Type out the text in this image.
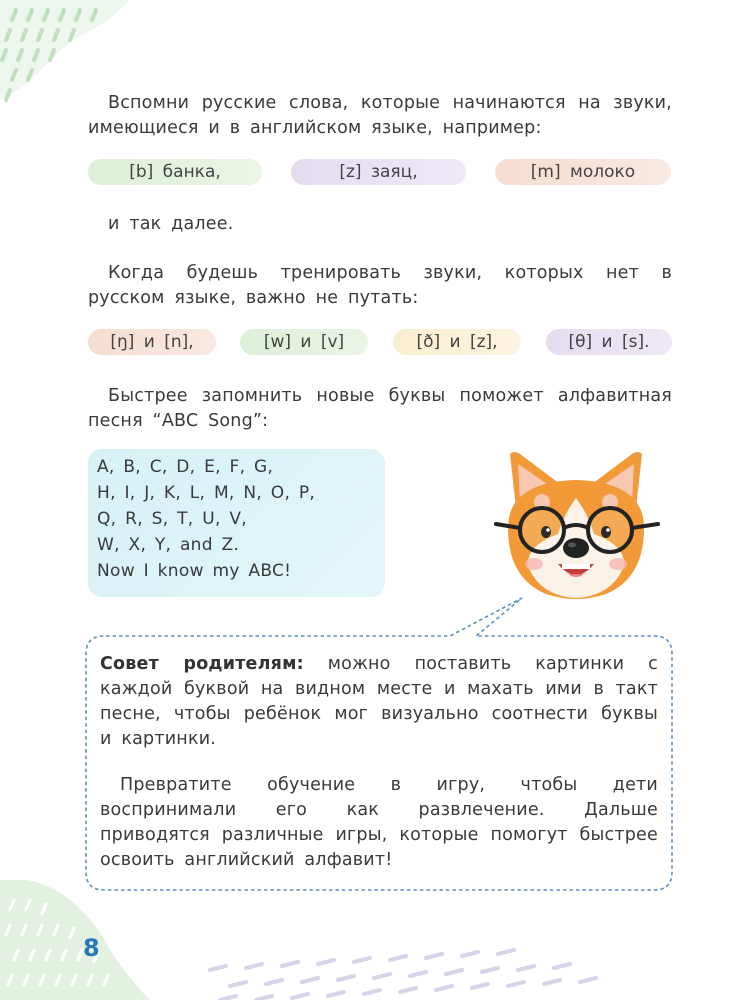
Вспомни русские слова, которые начинаются на звуки, имеющиеся и в английском языке, например:

[b] банка,	[z] заяц,	[m] молоко

и так далее.

Когда будешь тренировать звуки, которых нет в русском языке, важно не путать:

[ŋ] и [n],	[w] и [v]	[ð] и [z],	[θ] и [s].

Быстрее запомнить новые буквы поможет алфавитная песня “ABC Song”:

A, B, C, D, E, F, G,
H, I, J, K, L, M, N, O, P,
Q, R, S, T, U, V,
W, X, Y, and Z.
Now I know my ABC!

Совет родителям: можно поставить картинки с каждой буквой на видном месте и махать ими в такт песне, чтобы ребёнок мог визуально соотнести буквы и картинки.

Превратите обучение в игру, чтобы дети воспринимали его как развлечение. Дальше приводятся различные игры, которые помогут быстрее освоить английский алфавит!

8
